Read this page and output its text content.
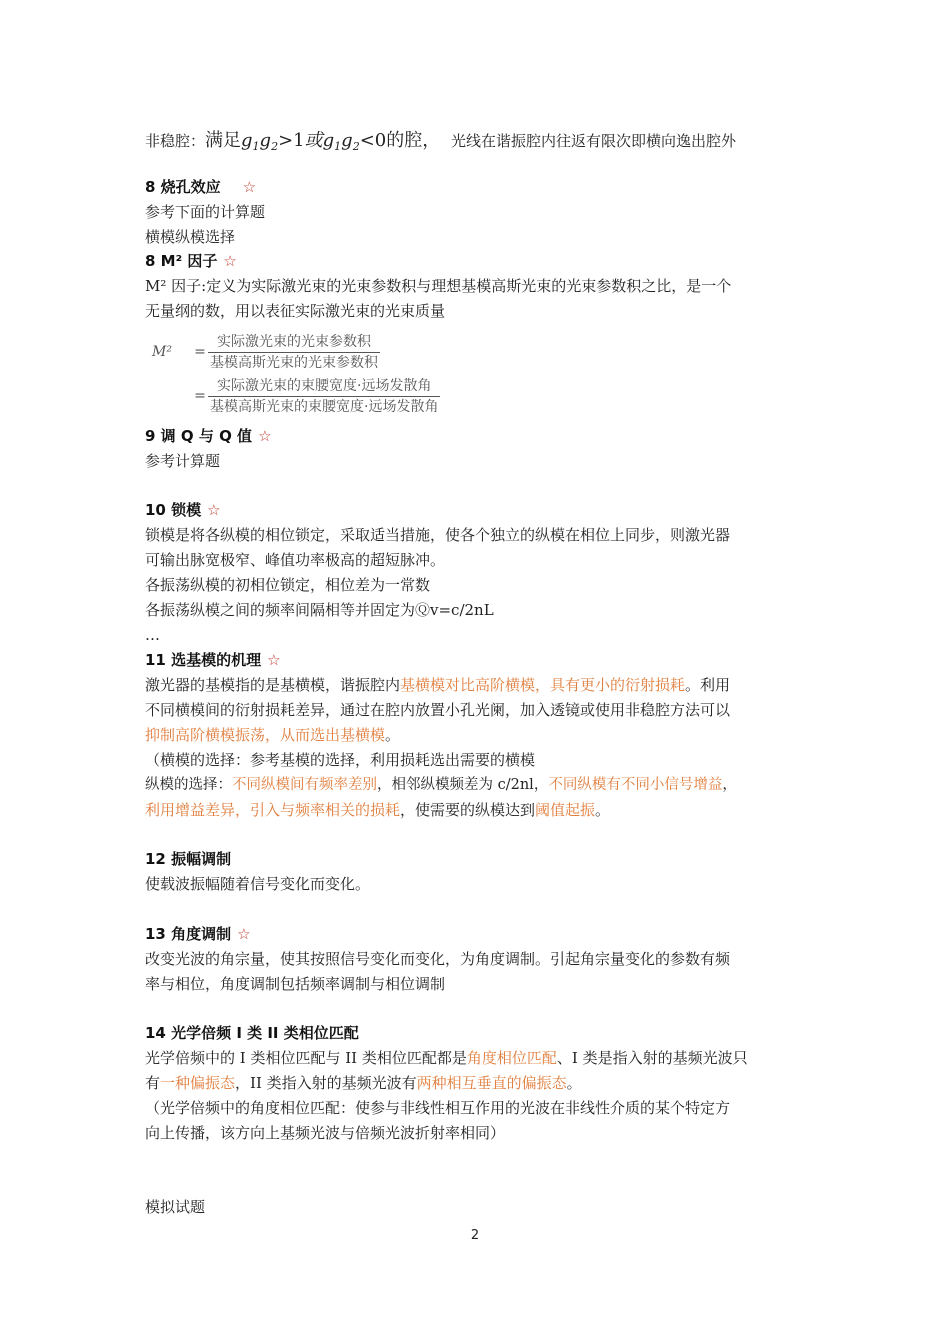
非稳腔：满足$g_1g_2>1$或$g_1g_2<0$的腔， 光线在谐振腔内往返有限次即横向逸出腔外
8 烧孔效应 ☆
参考下面的计算题
横模纵模选择
8 M² 因子 ☆
M² 因子:定义为实际激光束的光束参数积与理想基模高斯光束的光束参数积之比，是一个
无量纲的数，用以表征实际激光束的光束质量
M²	= $\frac{\text{实际激光束的光束参数积}}{\text{基模高斯光束的光束参数积}}$
= $\frac{\text{实际激光束的束腰宽度·远场发散角}}{\text{基模高斯光束的束腰宽度·远场发散角}}$
9 调 Q 与 Q 值 ☆
参考计算题
10 锁模 ☆
锁模是将各纵模的相位锁定，采取适当措施，使各个独立的纵模在相位上同步，则激光器
可输出脉宽极窄、峰值功率极高的超短脉冲。
各振荡纵模的初相位锁定，相位差为一常数
各振荡纵模之间的频率间隔相等并固定为Ⓠv=c/2nL
…
11 选基模的机理 ☆
激光器的基模指的是基横模，谐振腔内基横模对比高阶横模，具有更小的衍射损耗。利用
不同横模间的衍射损耗差异，通过在腔内放置小孔光阑，加入透镜或使用非稳腔方法可以
抑制高阶横模振荡，从而选出基横模。
（横模的选择：参考基模的选择，利用损耗选出需要的横模
纵模的选择：不同纵模间有频率差别，相邻纵模频差为 c/2nl，不同纵模有不同小信号增益，
利用增益差异，引入与频率相关的损耗，使需要的纵模达到阈值起振。
12 振幅调制
使载波振幅随着信号变化而变化。
13 角度调制 ☆
改变光波的角宗量，使其按照信号变化而变化，为角度调制。引起角宗量变化的参数有频
率与相位，角度调制包括频率调制与相位调制
14 光学倍频 I 类 II 类相位匹配
光学倍频中的 I 类相位匹配与 II 类相位匹配都是角度相位匹配、I 类是指入射的基频光波只
有一种偏振态，II 类指入射的基频光波有两种相互垂直的偏振态。
（光学倍频中的角度相位匹配：使参与非线性相互作用的光波在非线性介质的某个特定方
向上传播，该方向上基频光波与倍频光波折射率相同）
模拟试题
2
